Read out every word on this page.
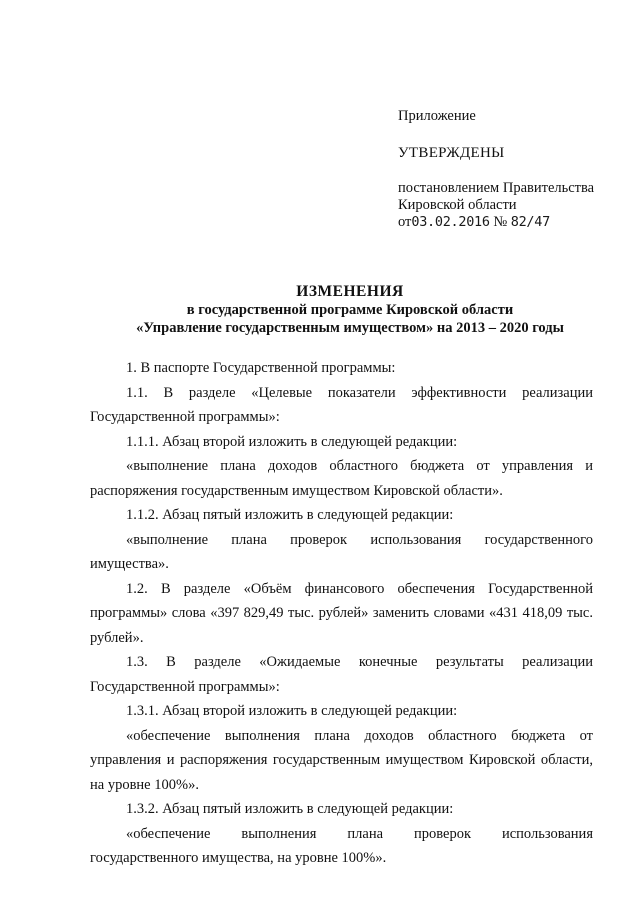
Приложение
УТВЕРЖДЕНЫ
постановлением Правительства
Кировской области
от03.02.2016 № 82/47
ИЗМЕНЕНИЯ
в государственной программе Кировской области
«Управление государственным имуществом» на 2013 – 2020 годы
1. В паспорте Государственной программы:
1.1. В разделе «Целевые показатели эффективности реализации Государственной программы»:
1.1.1. Абзац второй изложить в следующей редакции:
«выполнение плана доходов областного бюджета от управления и распоряжения государственным имуществом Кировской области».
1.1.2. Абзац пятый изложить в следующей редакции:
«выполнение плана проверок использования государственного имущества».
1.2. В разделе «Объём финансового обеспечения Государственной программы» слова «397 829,49 тыс. рублей» заменить словами «431 418,09 тыс. рублей».
1.3. В разделе «Ожидаемые конечные результаты реализации Государственной программы»:
1.3.1. Абзац второй изложить в следующей редакции:
«обеспечение выполнения плана доходов областного бюджета от управления и распоряжения государственным имуществом Кировской области, на уровне 100%».
1.3.2. Абзац пятый изложить в следующей редакции:
«обеспечение выполнения плана проверок использования государственного имущества, на уровне 100%».
